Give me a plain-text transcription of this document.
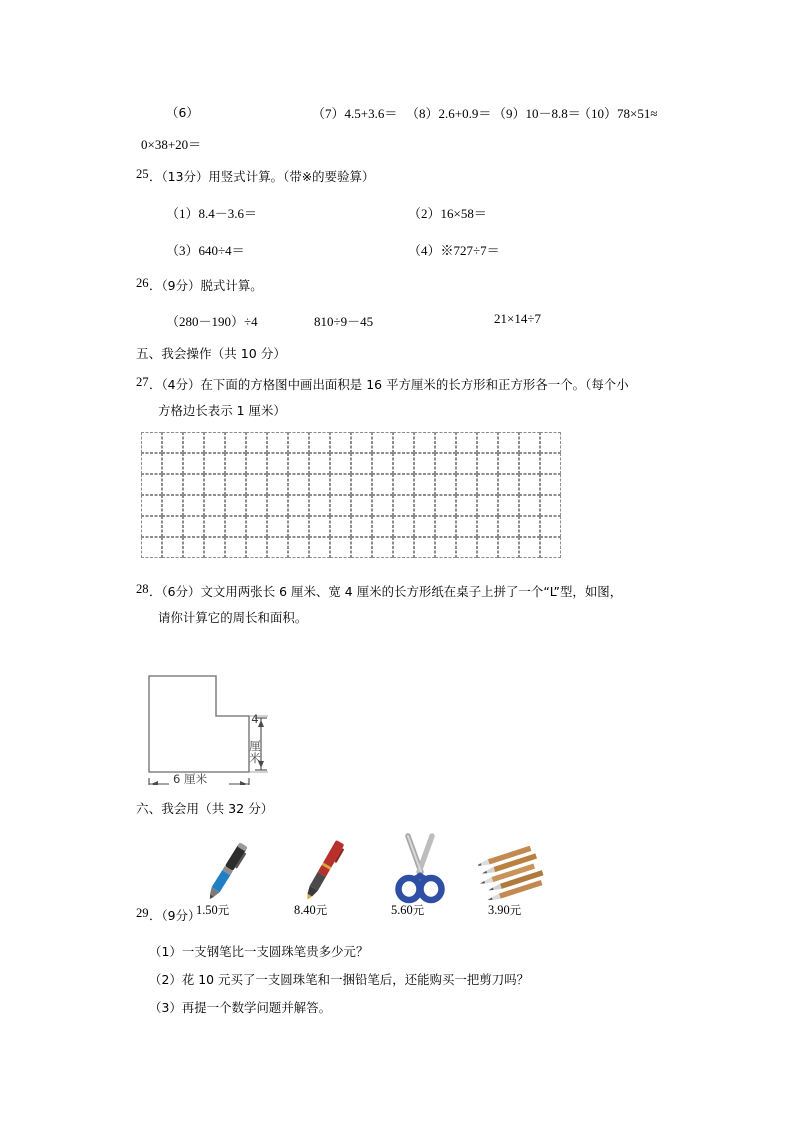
（6）	（7）4.5+3.6＝ （8）2.6+0.9＝ （9）10－8.8＝
（10）78×51≈
0×38+20＝
25 ．（13分）用竖式计算。（带※的要验算）
（1）8.4－3.6＝	（2）16×58＝
（3）640÷4＝	（4）※727÷7＝
26 ．（9分）脱式计算。
（280－190）÷4	810÷9－45	21×14÷7
五、我会操作（共 10 分）
27 ．（4分）在下面的方格图中画出面积是 16 平方厘米的长方形和正方形各一个。（每个小
方格边长表示 1 厘米）
28 ．（6分）文文用两张长 6 厘米、宽 4 厘米的长方形纸在桌子上拼了一个“L”型，如图，
请你计算它的周长和面积。
6 厘米
4 厘米
六、我会用（共 32 分）
1.50元	8.40元	5.60元	3.90元
29 ．（9分）
（1）一支钢笔比一支圆珠笔贵多少元？
（2）花 10 元买了一支圆珠笔和一捆铅笔后，还能购买一把剪刀吗？
（3）再提一个数学问题并解答。
